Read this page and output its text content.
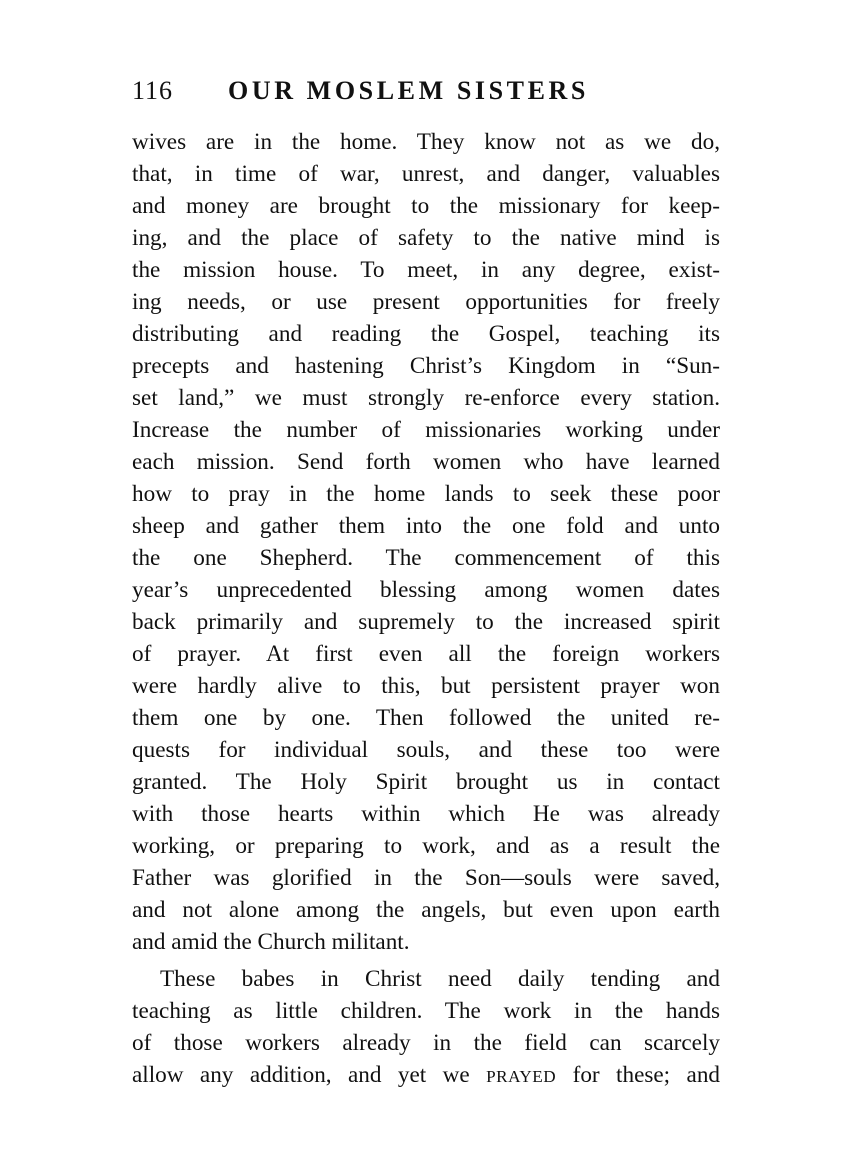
116 OUR MOSLEM SISTERS
wives are in the home. They know not as we do,
that, in time of war, unrest, and danger, valuables
and money are brought to the missionary for keep-
ing, and the place of safety to the native mind is
the mission house. To meet, in any degree, exist-
ing needs, or use present opportunities for freely
distributing and reading the Gospel, teaching its
precepts and hastening Christ’s Kingdom in “Sun-
set land,” we must strongly re-enforce every station.
Increase the number of missionaries working under
each mission. Send forth women who have learned
how to pray in the home lands to seek these poor
sheep and gather them into the one fold and unto
the one Shepherd. The commencement of this
year’s unprecedented blessing among women dates
back primarily and supremely to the increased spirit
of prayer. At first even all the foreign workers
were hardly alive to this, but persistent prayer won
them one by one. Then followed the united re-
quests for individual souls, and these too were
granted. The Holy Spirit brought us in contact
with those hearts within which He was already
working, or preparing to work, and as a result the
Father was glorified in the Son—souls were saved,
and not alone among the angels, but even upon earth
and amid the Church militant.
These babes in Christ need daily tending and
teaching as little children. The work in the hands
of those workers already in the field can scarcely
allow any addition, and yet we PRAYED for these; and
